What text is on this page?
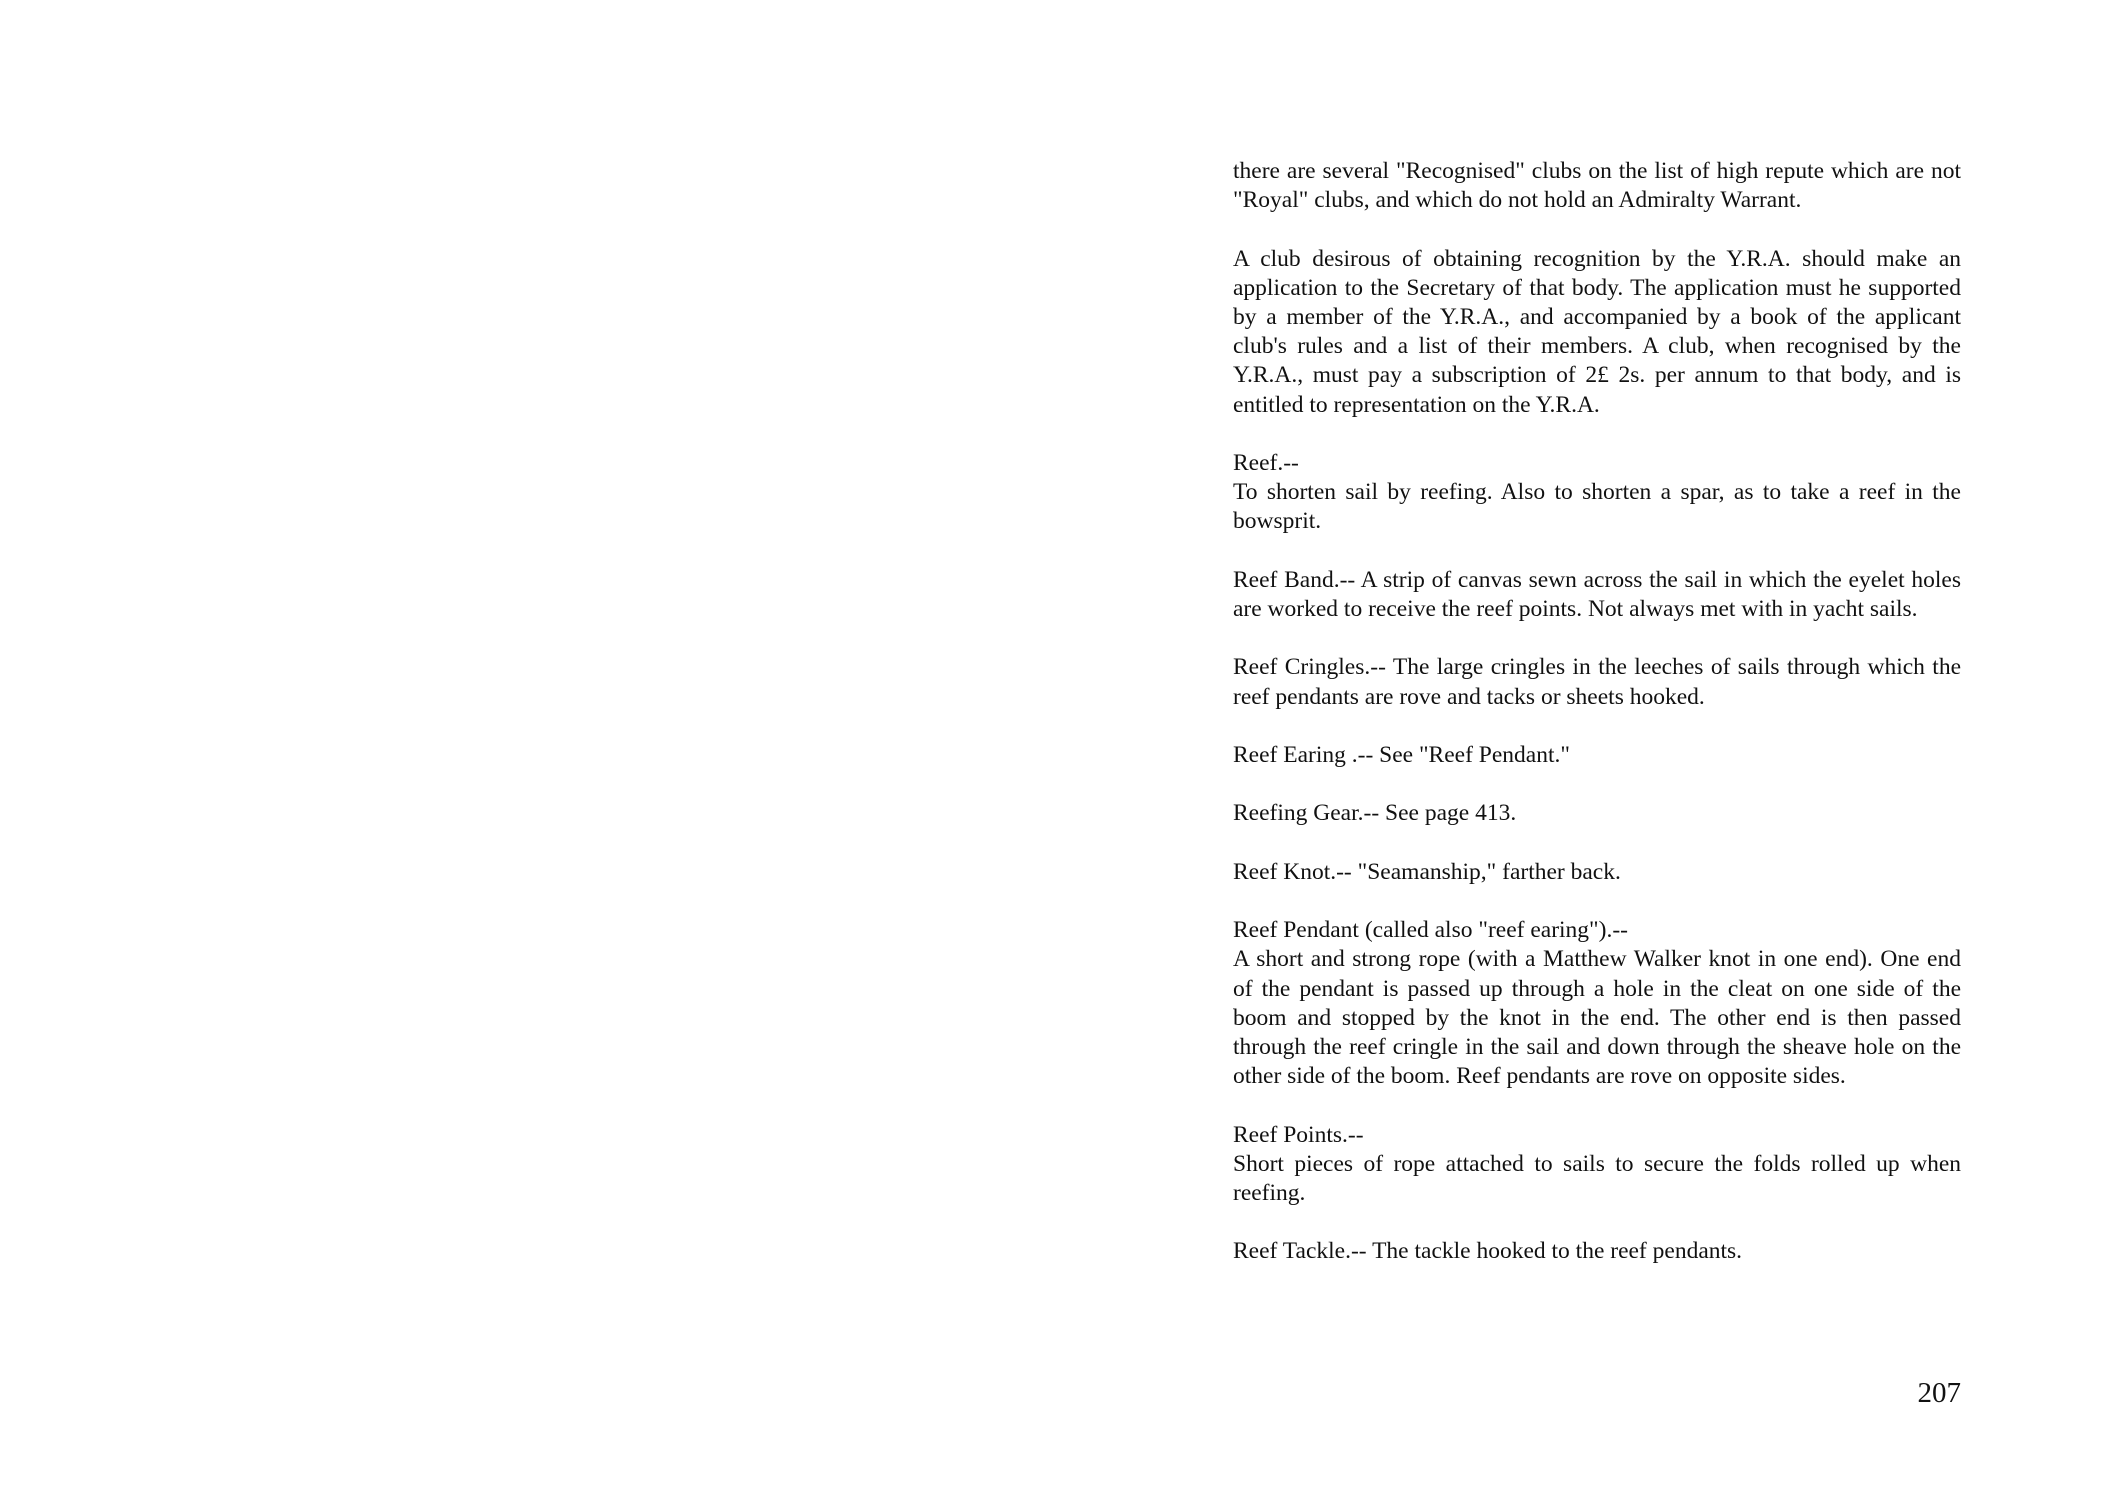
there are several "Recognised" clubs on the list of high repute which are not "Royal" clubs, and which do not hold an Admiralty Warrant.

A club desirous of obtaining recognition by the Y.R.A. should make an application to the Secretary of that body. The application must he supported by a member of the Y.R.A., and accompanied by a book of the applicant club's rules and a list of their members. A club, when recognised by the Y.R.A., must pay a subscription of 2£ 2s. per annum to that body, and is entitled to representation on the Y.R.A.

Reef.--

To shorten sail by reefing. Also to shorten a spar, as to take a reef in the bowsprit.

Reef Band.-- A strip of canvas sewn across the sail in which the eyelet holes are worked to receive the reef points. Not always met with in yacht sails.

Reef Cringles.-- The large cringles in the leeches of sails through which the reef pendants are rove and tacks or sheets hooked.

Reef Earing .-- See "Reef Pendant."

Reefing Gear.-- See page 413.

Reef Knot.-- "Seamanship," farther back.

Reef Pendant (called also "reef earing").--

A short and strong rope (with a Matthew Walker knot in one end). One end of the pendant is passed up through a hole in the cleat on one side of the boom and stopped by the knot in the end. The other end is then passed through the reef cringle in the sail and down through the sheave hole on the other side of the boom. Reef pendants are rove on opposite sides.

Reef Points.--

Short pieces of rope attached to sails to secure the folds rolled up when reefing.

Reef Tackle.-- The tackle hooked to the reef pendants.

207
